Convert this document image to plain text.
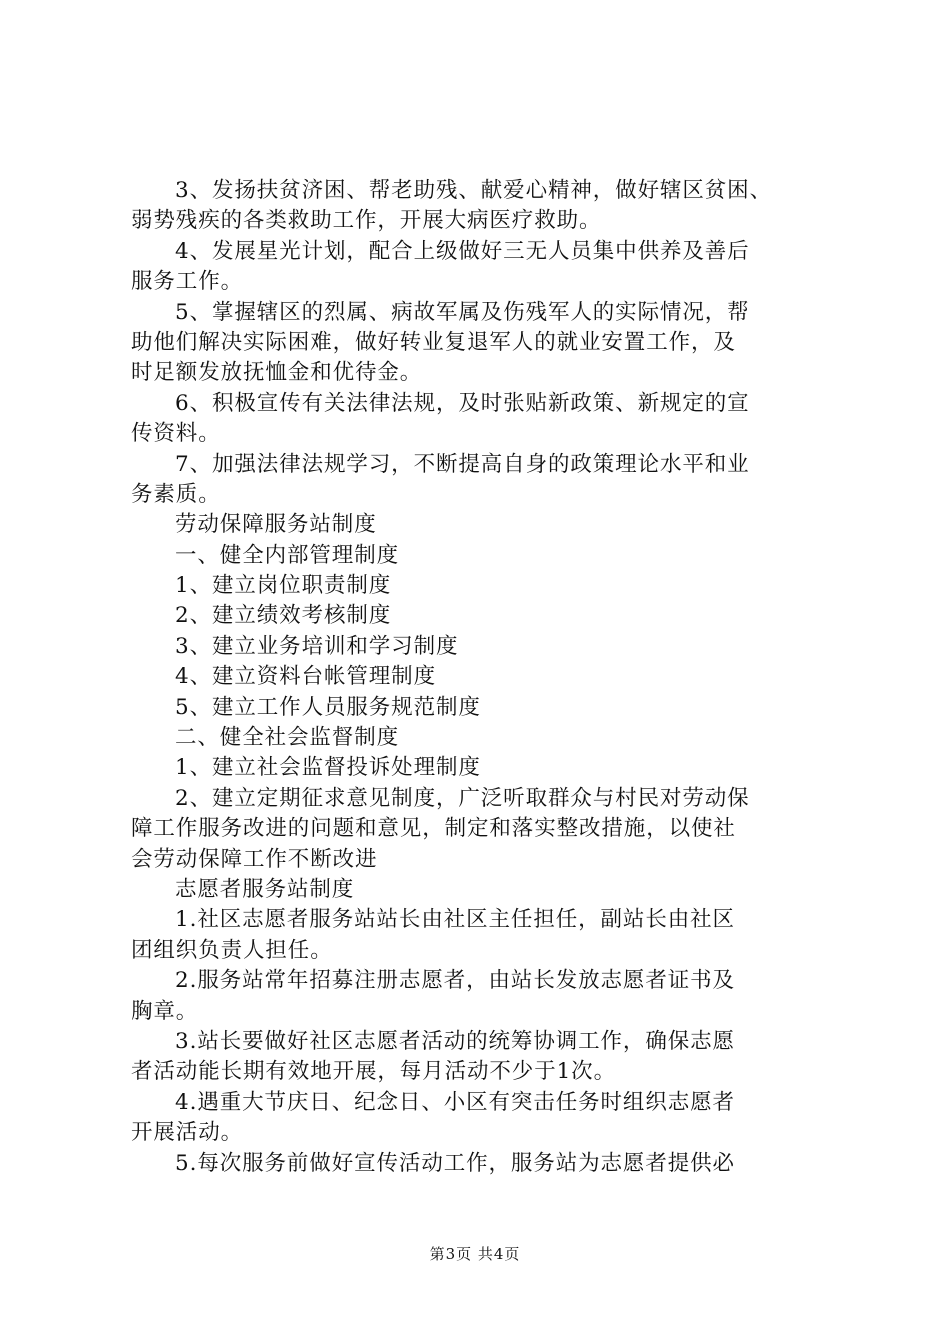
3、发扬扶贫济困、帮老助残、献爱心精神，做好辖区贫困、
弱势残疾的各类救助工作，开展大病医疗救助。
4、发展星光计划，配合上级做好三无人员集中供养及善后
服务工作。
5、掌握辖区的烈属、病故军属及伤残军人的实际情况，帮
助他们解决实际困难，做好转业复退军人的就业安置工作，及
时足额发放抚恤金和优待金。
6、积极宣传有关法律法规，及时张贴新政策、新规定的宣
传资料。
7、加强法律法规学习，不断提高自身的政策理论水平和业
务素质。
劳动保障服务站制度
一、健全内部管理制度
1、建立岗位职责制度
2、建立绩效考核制度
3、建立业务培训和学习制度
4、建立资料台帐管理制度
5、建立工作人员服务规范制度
二、健全社会监督制度
1、建立社会监督投诉处理制度
2、建立定期征求意见制度，广泛听取群众与村民对劳动保
障工作服务改进的问题和意见，制定和落实整改措施，以使社
会劳动保障工作不断改进
志愿者服务站制度
1.社区志愿者服务站站长由社区主任担任，副站长由社区
团组织负责人担任。
2.服务站常年招募注册志愿者，由站长发放志愿者证书及
胸章。
3.站长要做好社区志愿者活动的统筹协调工作，确保志愿
者活动能长期有效地开展，每月活动不少于1次。
4.遇重大节庆日、纪念日、小区有突击任务时组织志愿者
开展活动。
5.每次服务前做好宣传活动工作，服务站为志愿者提供必
第3页 共4页
